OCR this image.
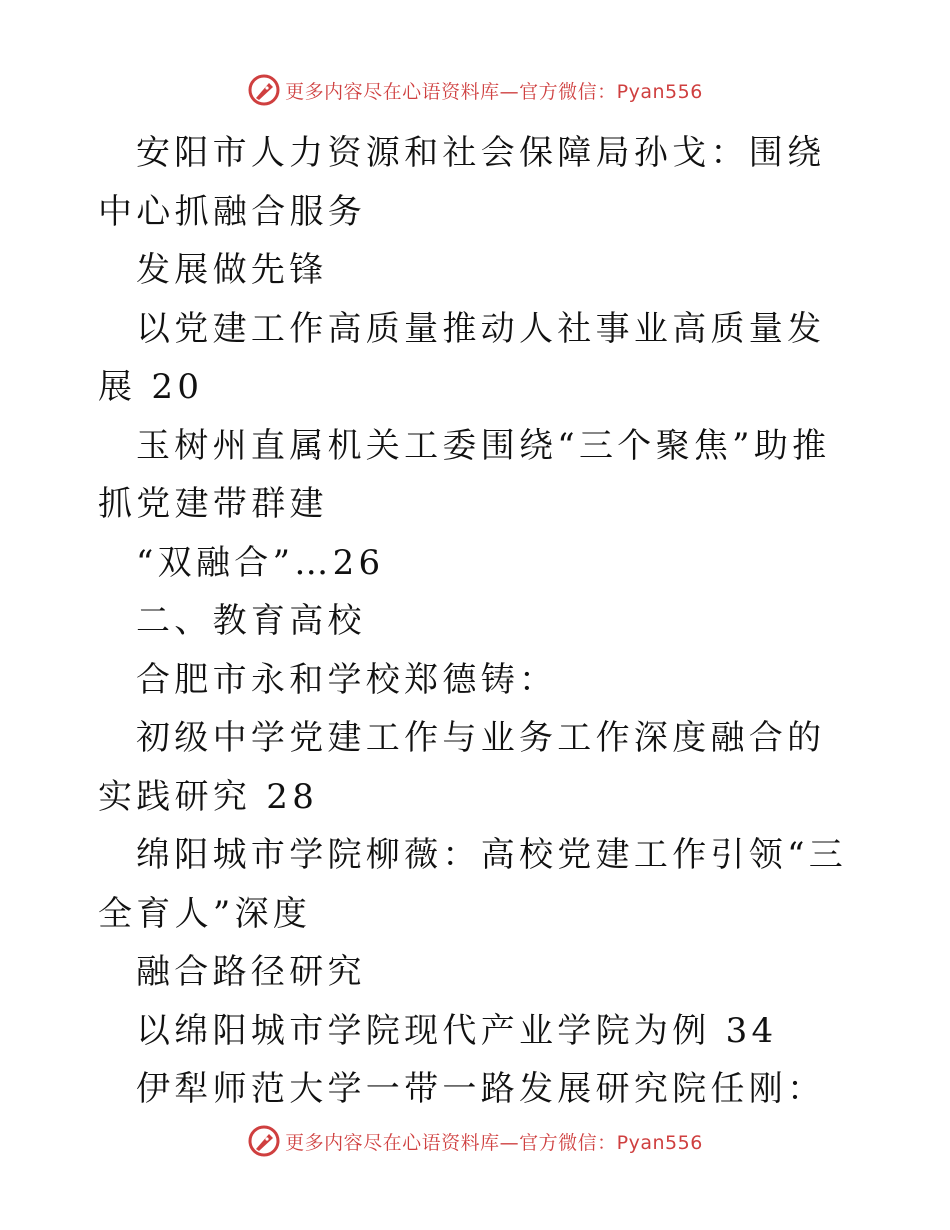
更多内容尽在心语资料库—官方微信：Pyan556

安阳市人力资源和社会保障局孙戈：围绕中心抓融合服务

发展做先锋

以党建工作高质量推动人社事业高质量发展 20

玉树州直属机关工委围绕“三个聚焦”助推抓党建带群建

“双融合”…26

二、教育高校

合肥市永和学校郑德铸：

初级中学党建工作与业务工作深度融合的实践研究 28

绵阳城市学院柳薇：高校党建工作引领“三全育人”深度

融合路径研究

以绵阳城市学院现代产业学院为例 34

伊犁师范大学一带一路发展研究院任刚：

更多内容尽在心语资料库—官方微信：Pyan556
